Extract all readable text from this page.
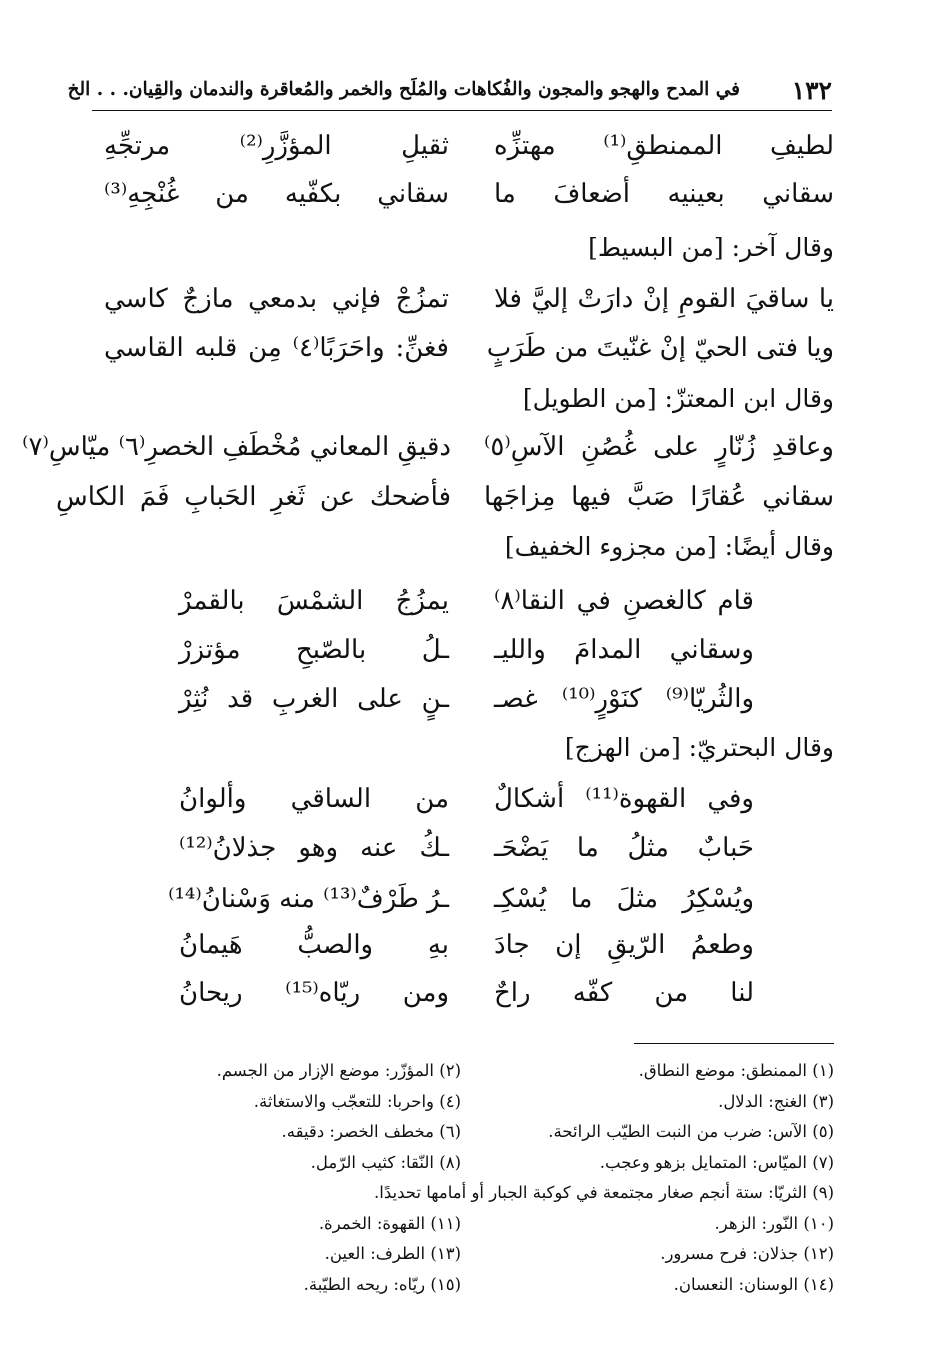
١٣٢
في المدح والهجو والمجون والفُكاهات والمُلَح والخمر والمُعاقرة والندمان والقِيان. . . الخ
لطيفِ الممنطقِ⁽¹⁾ مهتزِّه
ثقيلِ المؤزَّرِ⁽²⁾ مرتجِّهِ
سقاني بعينيه أضعافَ ما
سقاني بكفّيه من غُنْجِهِ⁽³⁾
وقال آخر: [من البسيط]
يا ساقيَ القومِ إنْ دارَتْ إليَّ فلا
تمزُجْ فإني بدمعي مازجٌ كاسي
ويا فتى الحيّ إنْ غنّيتَ من طَرَبٍ
فغنِّ: واحَرَبًا⁽٤⁾ مِن قلبه القاسي
وقال ابن المعتزّ: [من الطويل]
وعاقدِ زُنّارٍ على غُصُنِ الآسِ⁽٥⁾
دقيقِ المعاني مُخْطَفِ الخصرِ⁽٦⁾ ميّاسِ⁽٧⁾
سقاني عُقارًا صَبَّ فيها مِزاجَها
فأضحك عن ثَغرِ الحَبابِ فَمَ الكاسِ
وقال أيضًا: [من مجزوء الخفيف]
قام كالغصنِ في النقا⁽٨⁾
يمزُجُ الشمْسَ بالقمرْ
وسقاني المدامَ والليـ
ـلُ بالصّبحِ مؤتزرْ
والثُريّا⁽⁹⁾ كنَوْرٍ⁽¹⁰⁾ غصـ
ـنٍ على الغربِ قد نُثِرْ
وقال البحتريّ: [من الهزج]
وفي القهوة⁽¹¹⁾ أشكالٌ
من الساقي وألوانُ
حَبابٌ مثلُ ما يَضْحَـ
ـكُ عنه وهو جذلانُ⁽¹²⁾
ويُسْكِرُ مثلَ ما يُسْكِـ
ـرُ طَرْفٌ⁽¹³⁾ منه وَسْنانُ⁽¹⁴⁾
وطعمُ الرّيقِ إن جادَ
بهِ والصبُّ هَيمانُ
لنا من كفّه راحٌ
ومن ريّاه⁽¹⁵⁾ ريحانُ
(١) الممنطق: موضع النطاق.
(٢) المؤزّر: موضع الإزار من الجسم.
(٣) الغنج: الدلال.
(٤) واحربا: للتعجّب والاستغاثة.
(٥) الآس: ضرب من النبت الطيّب الرائحة.
(٦) مخطف الخصر: دقيقه.
(٧) الميّاس: المتمايل بزهو وعجب.
(٨) النّقا: كثيب الرّمل.
(٩) الثريّا: ستة أنجم صغار مجتمعة في كوكبة الجبار أو أمامها تحديدًا.
(١٠) النّور: الزهر.
(١١) القهوة: الخمرة.
(١٢) جذلان: فرح مسرور.
(١٣) الطرف: العين.
(١٤) الوسنان: النعسان.
(١٥) ريّاه: ريحه الطيّبة.
